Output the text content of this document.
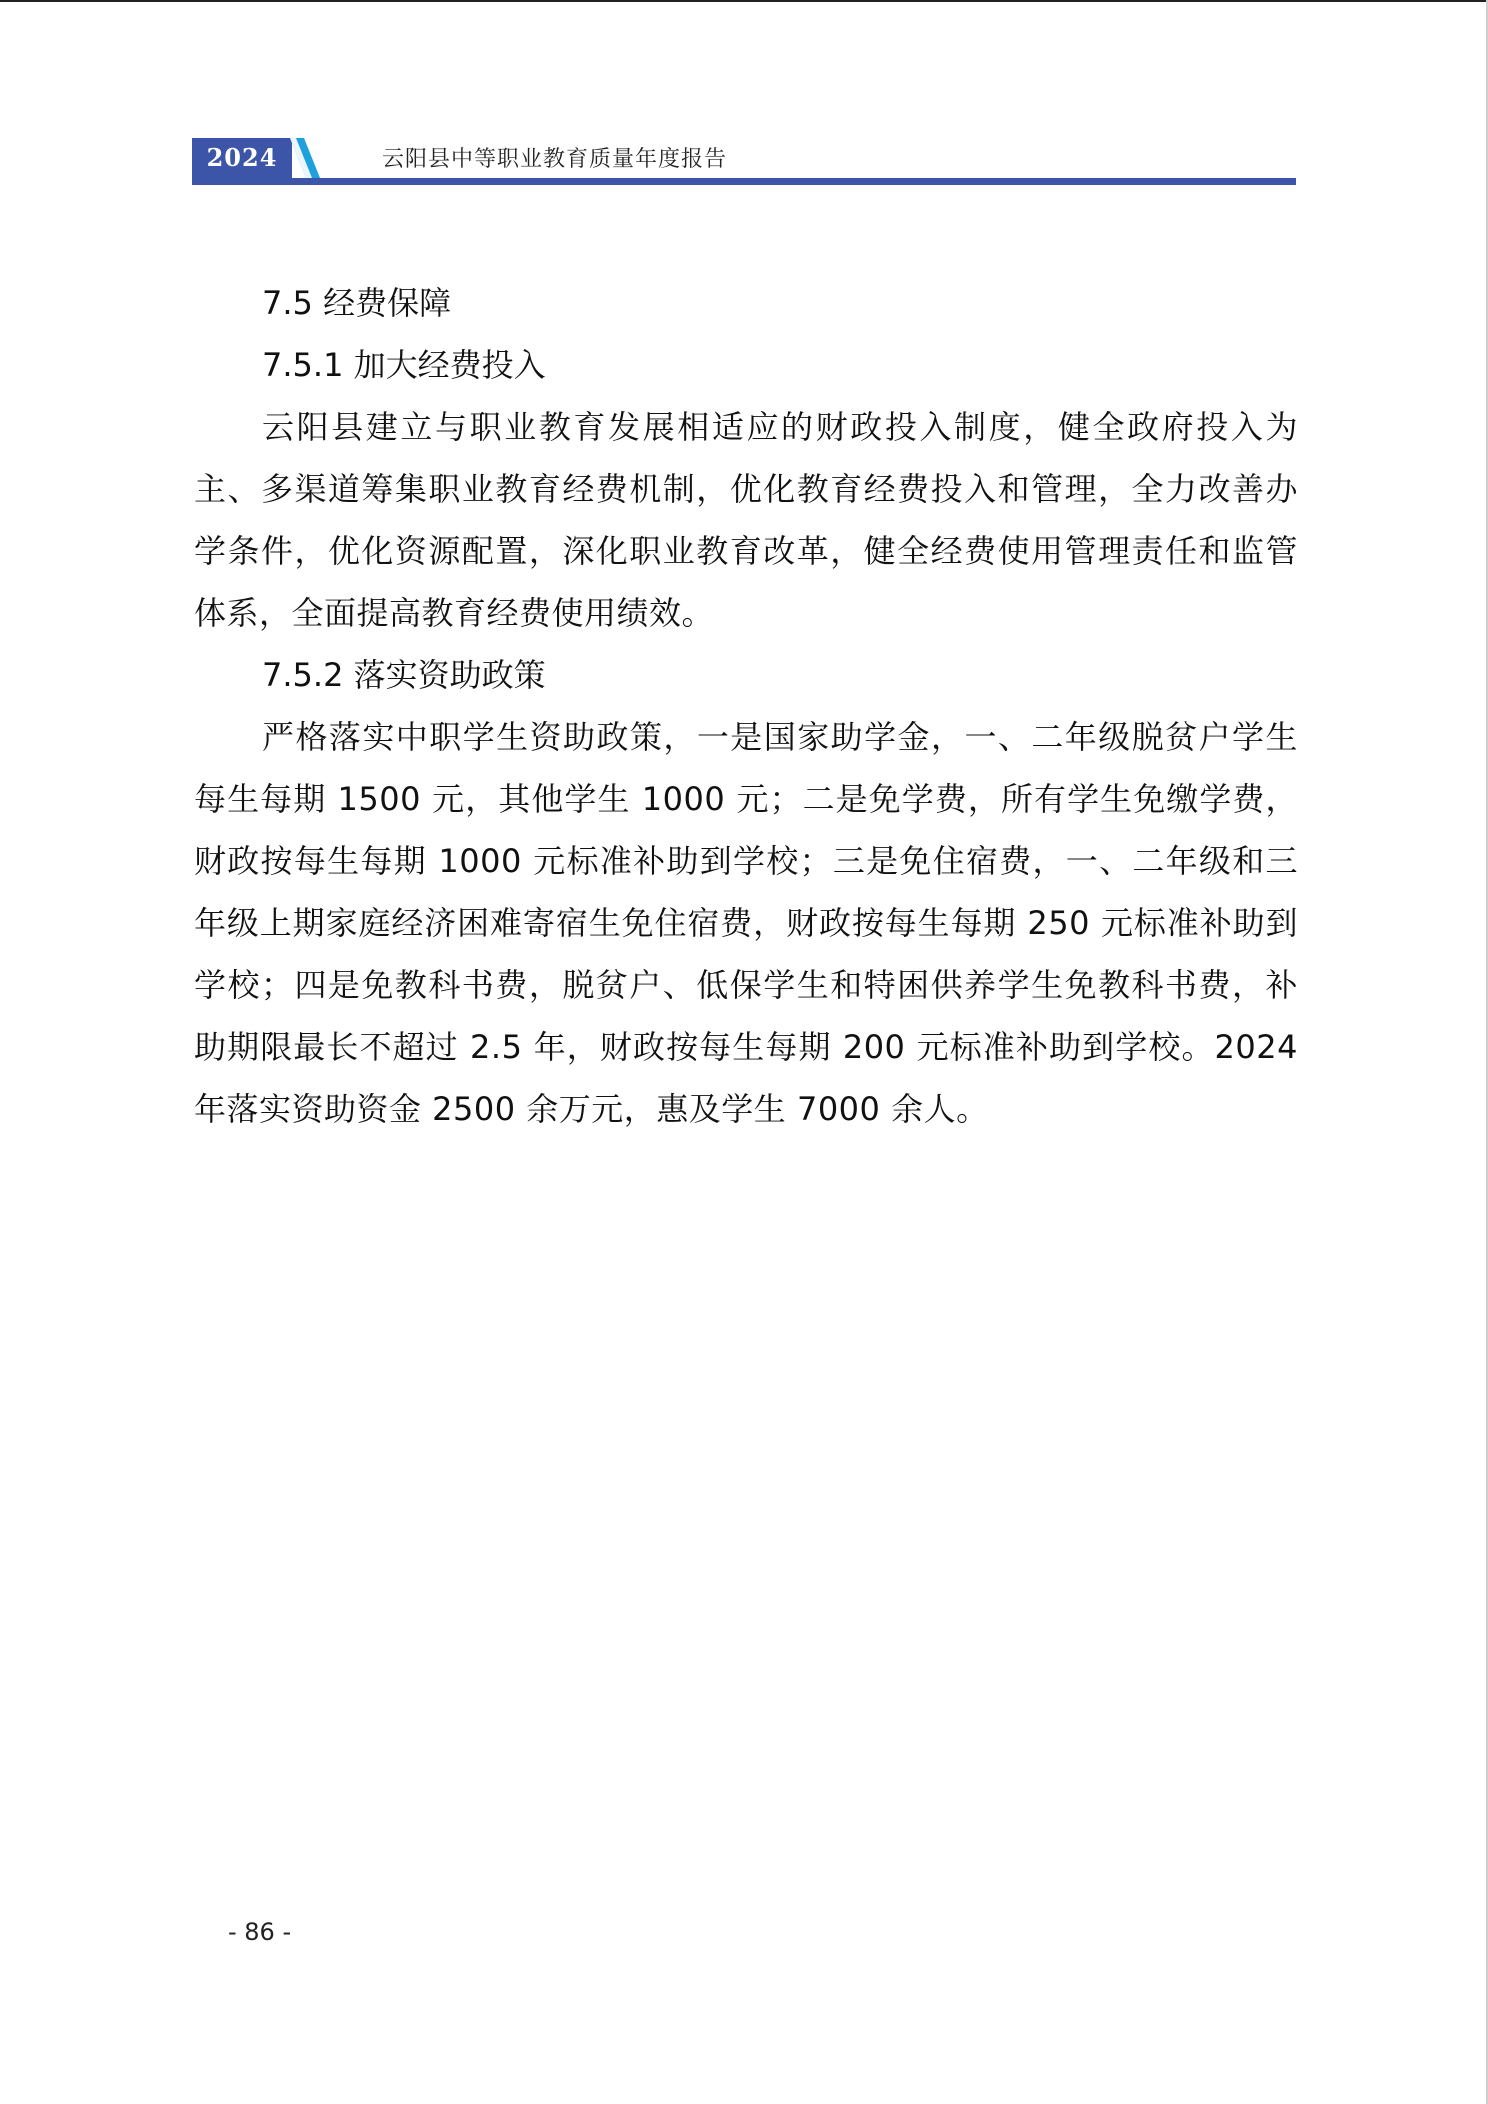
2024	云阳县中等职业教育质量年度报告

7.5 经费保障

7.5.1 加大经费投入

云阳县建立与职业教育发展相适应的财政投入制度，健全政府投入为主、多渠道筹集职业教育经费机制，优化教育经费投入和管理，全力改善办学条件，优化资源配置，深化职业教育改革，健全经费使用管理责任和监管体系，全面提高教育经费使用绩效。

7.5.2 落实资助政策

严格落实中职学生资助政策，一是国家助学金，一、二年级脱贫户学生每生每期 1500 元，其他学生 1000 元；二是免学费，所有学生免缴学费，财政按每生每期 1000 元标准补助到学校；三是免住宿费，一、二年级和三年级上期家庭经济困难寄宿生免住宿费，财政按每生每期 250 元标准补助到学校；四是免教科书费，脱贫户、低保学生和特困供养学生免教科书费，补助期限最长不超过 2.5 年，财政按每生每期 200 元标准补助到学校。2024 年落实资助资金 2500 余万元，惠及学生 7000 余人。

- 86 -
